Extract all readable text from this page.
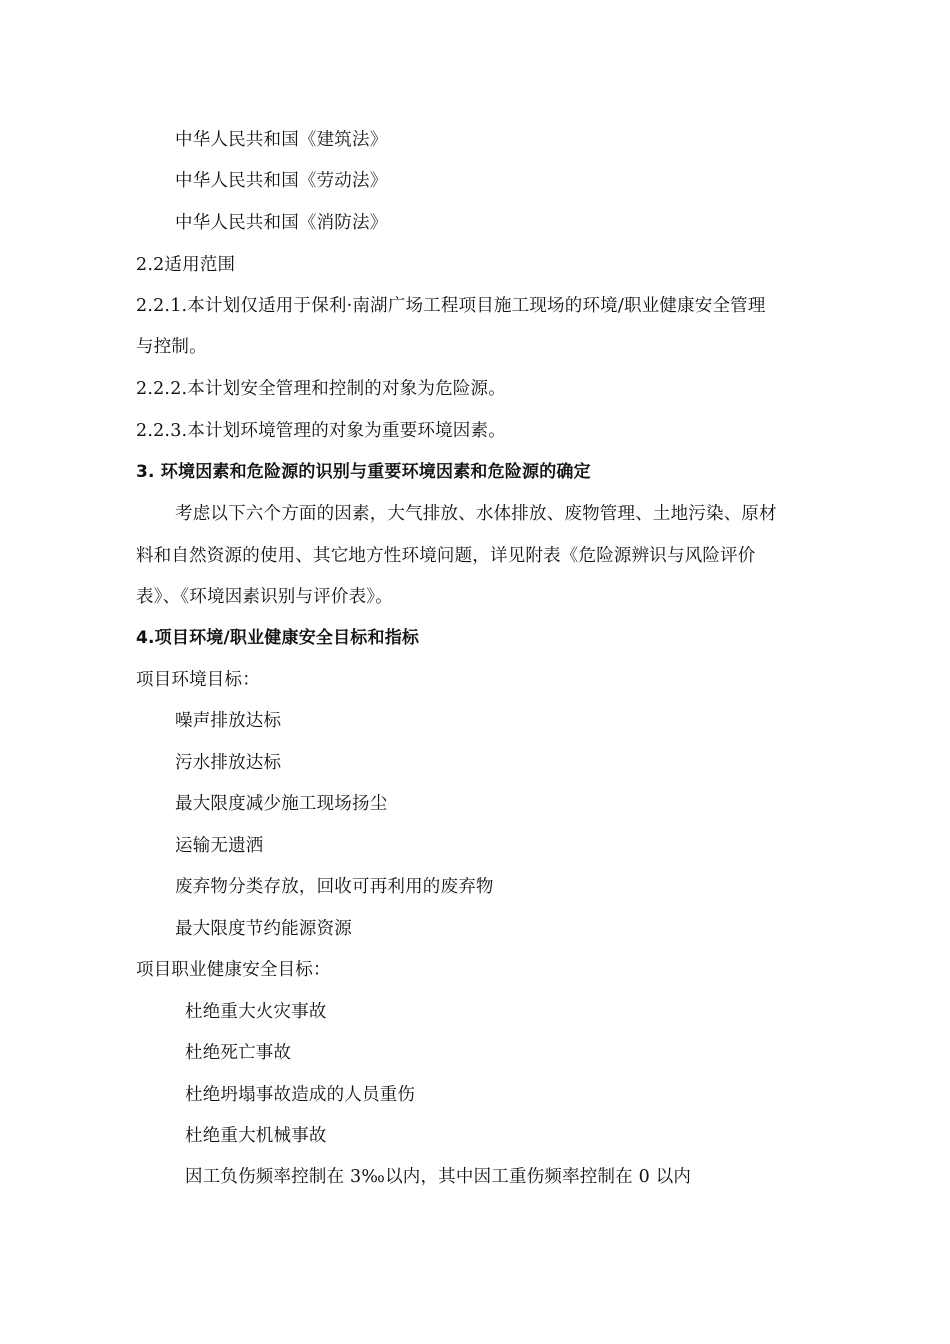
中华人民共和国《建筑法》
中华人民共和国《劳动法》
中华人民共和国《消防法》
2.2适用范围
2.2.1.本计划仅适用于保利·南湖广场工程项目施工现场的环境/职业健康安全管理
与控制。
2.2.2.本计划安全管理和控制的对象为危险源。
2.2.3.本计划环境管理的对象为重要环境因素。
3. 环境因素和危险源的识别与重要环境因素和危险源的确定
考虑以下六个方面的因素，大气排放、水体排放、废物管理、土地污染、原材
料和自然资源的使用、其它地方性环境问题，详见附表《危险源辨识与风险评价
表》、《环境因素识别与评价表》。
4.项目环境/职业健康安全目标和指标
项目环境目标：
噪声排放达标
污水排放达标
最大限度减少施工现场扬尘
运输无遗洒
废弃物分类存放，回收可再利用的废弃物
最大限度节约能源资源
项目职业健康安全目标：
杜绝重大火灾事故
杜绝死亡事故
杜绝坍塌事故造成的人员重伤
杜绝重大机械事故
因工负伤频率控制在 3‰以内，其中因工重伤频率控制在 0 以内
